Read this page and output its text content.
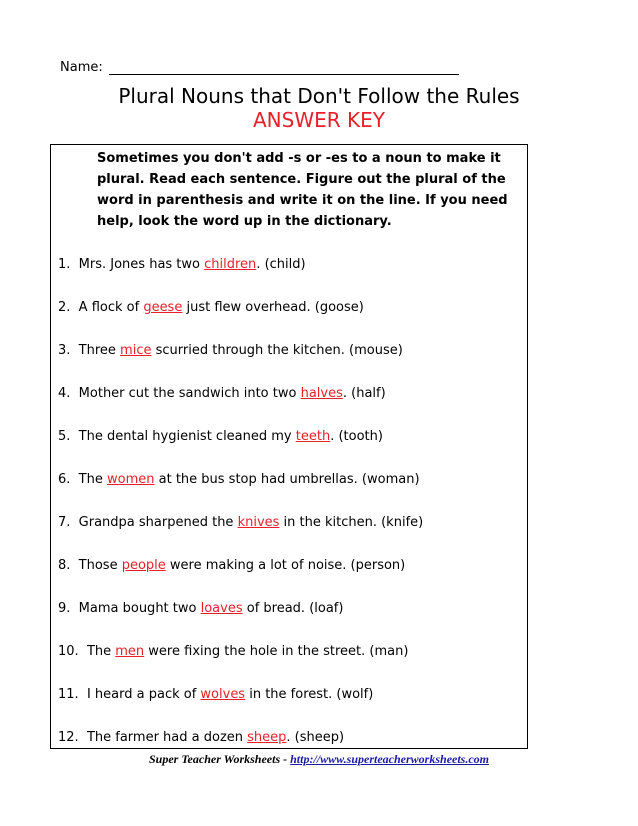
Name:
Plural Nouns that Don't Follow the Rules
ANSWER KEY
Sometimes you don't add -s or -es to a noun to make it plural. Read each sentence. Figure out the plural of the word in parenthesis and write it on the line. If you need help, look the word up in the dictionary.
1. Mrs. Jones has two children. (child)
2. A flock of geese just flew overhead. (goose)
3. Three mice scurried through the kitchen. (mouse)
4. Mother cut the sandwich into two halves. (half)
5. The dental hygienist cleaned my teeth. (tooth)
6. The women at the bus stop had umbrellas. (woman)
7. Grandpa sharpened the knives in the kitchen. (knife)
8. Those people were making a lot of noise. (person)
9. Mama bought two loaves of bread. (loaf)
10.  The men were fixing the hole in the street. (man)
11.  I heard a pack of wolves in the forest. (wolf)
12.  The farmer had a dozen sheep. (sheep)
Super Teacher Worksheets - http://www.superteacherworksheets.com
